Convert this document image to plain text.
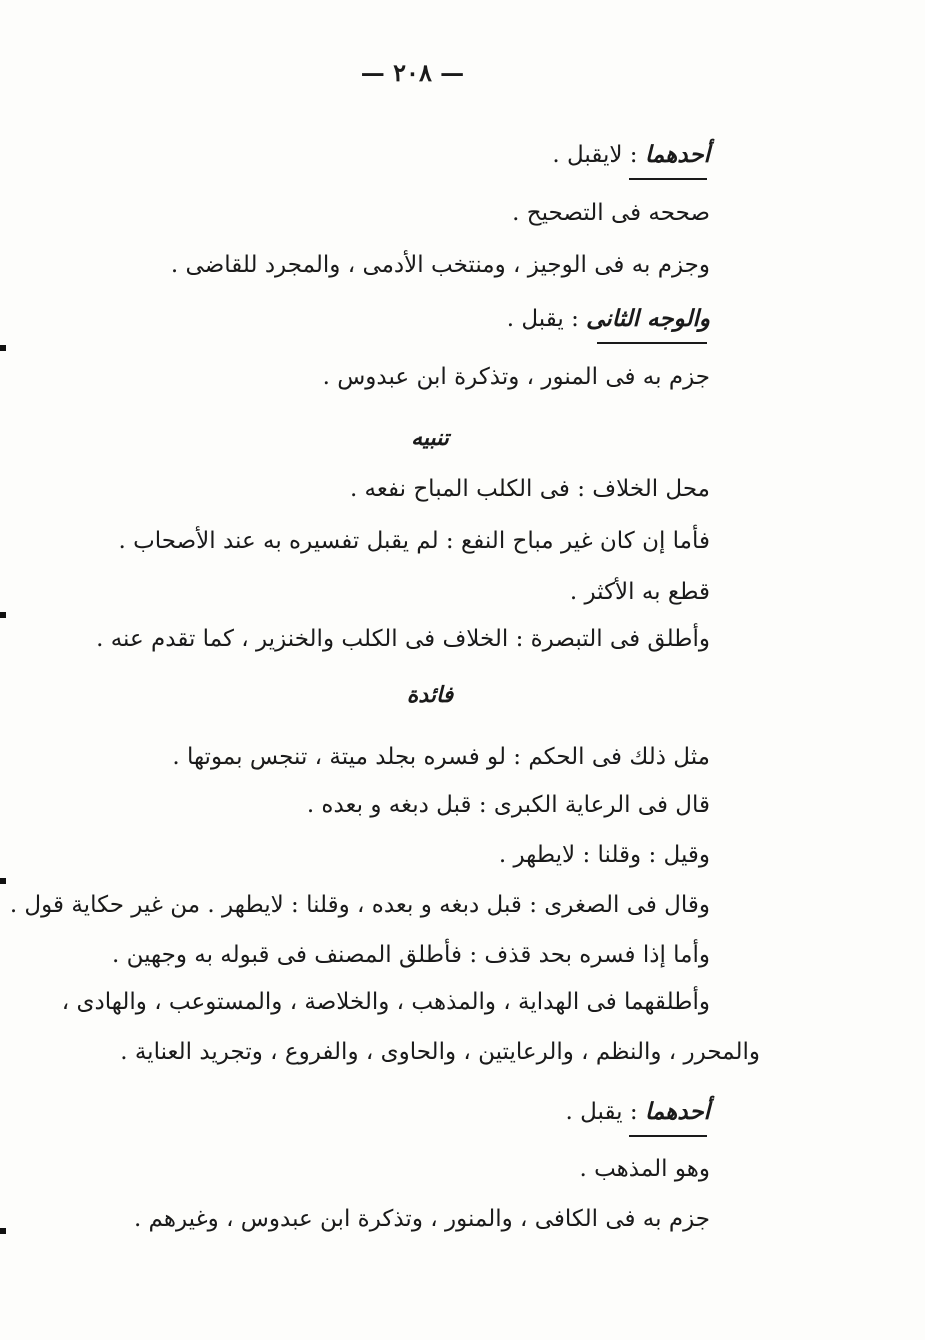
— ٢٠٨ —
أحدهما : لايقبل .
صححه فى التصحيح .
وجزم به فى الوجيز ، ومنتخب الأدمى ، والمجرد للقاضى .
والوجه الثانى : يقبل .
جزم به فى المنور ، وتذكرة ابن عبدوس .
تنبيه
محل الخلاف : فى الكلب المباح نفعه .
فأما إن كان غير مباح النفع : لم يقبل تفسيره به عند الأصحاب .
قطع به الأكثر .
وأطلق فى التبصرة : الخلاف فى الكلب والخنزير ، كما تقدم عنه .
فائدة
مثل ذلك فى الحكم : لو فسره بجلد ميتة ، تنجس بموتها .
قال فى الرعاية الكبرى : قبل دبغه و بعده .
وقيل : وقلنا : لايطهر .
وقال فى الصغرى : قبل دبغه و بعده ، وقلنا : لايطهر . من غير حكاية قول .
وأما إذا فسره بحد قذف : فأطلق المصنف فى قبوله به وجهين .
وأطلقهما فى الهداية ، والمذهب ، والخلاصة ، والمستوعب ، والهادى ،
والمحرر ، والنظم ، والرعايتين ، والحاوى ، والفروع ، وتجريد العناية .
أحدهما : يقبل .
وهو المذهب .
جزم به فى الكافى ، والمنور ، وتذكرة ابن عبدوس ، وغيرهم .
